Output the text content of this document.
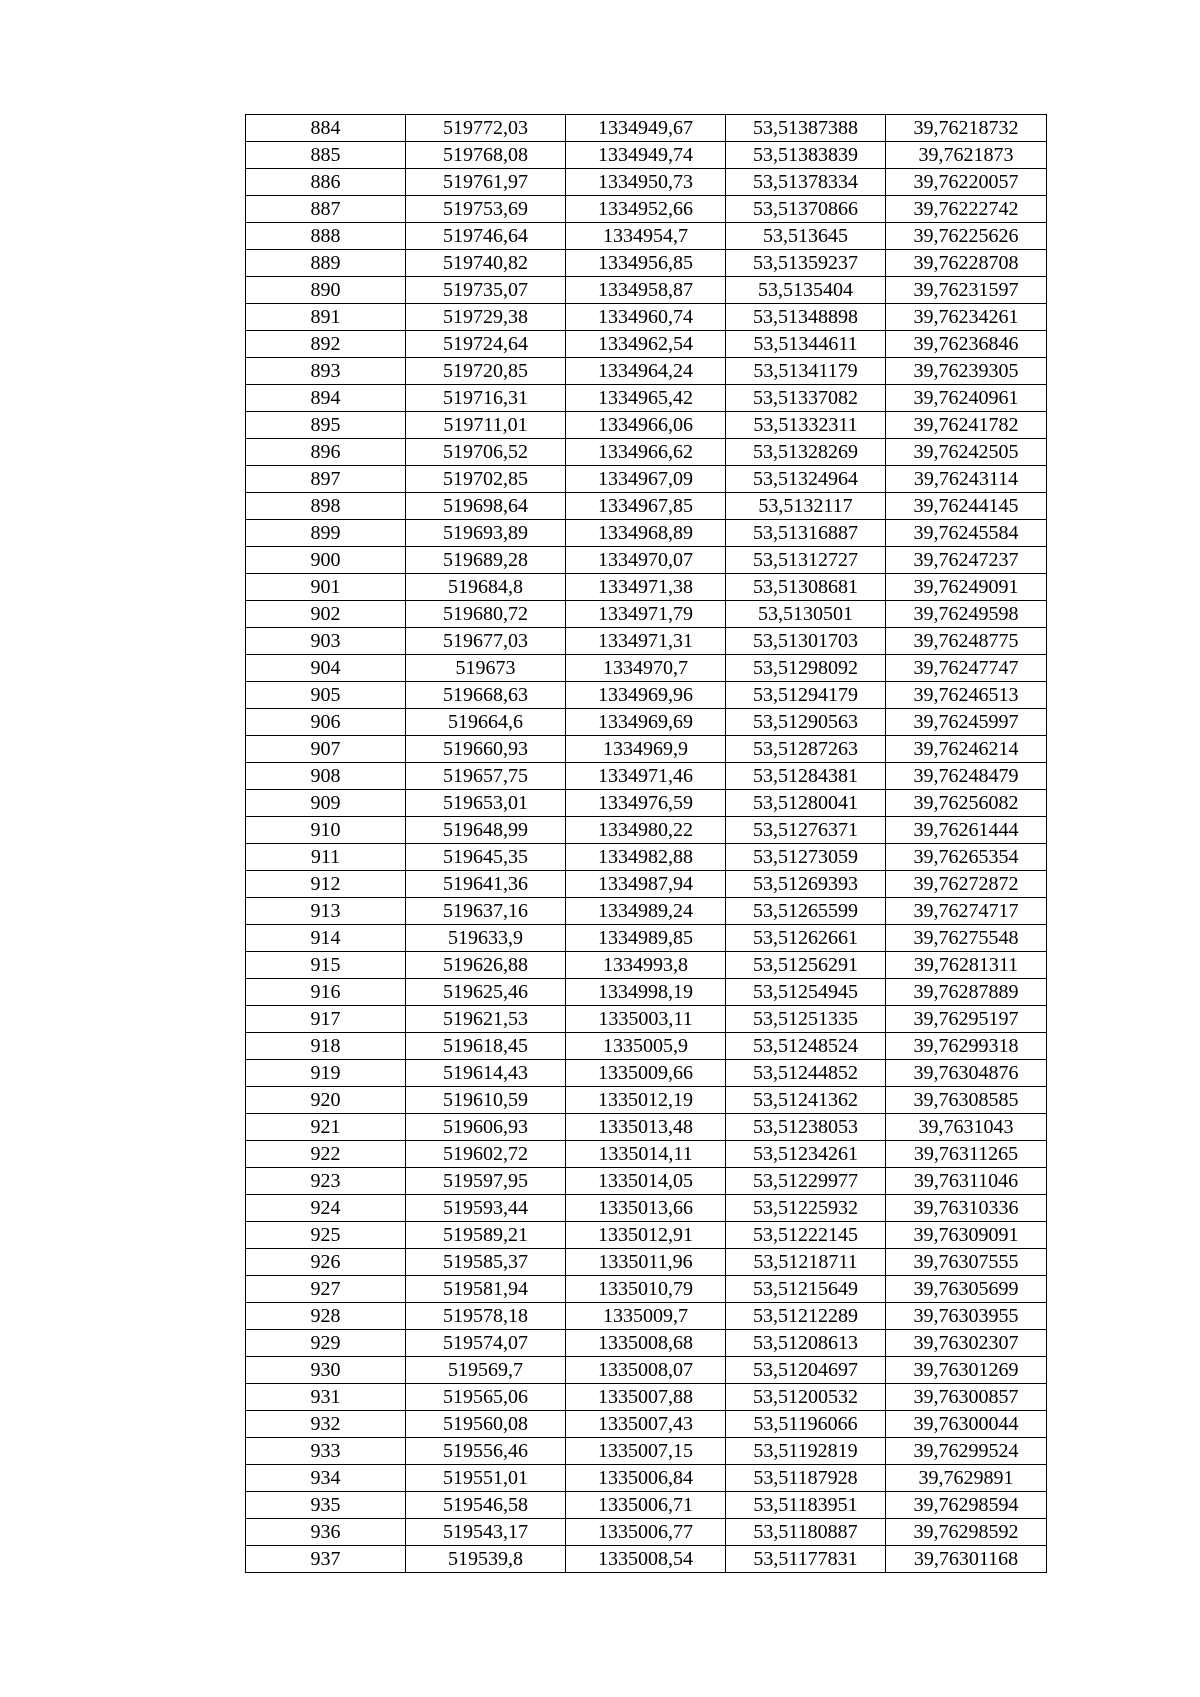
884	519772,03	1334949,67	53,51387388	39,76218732
885	519768,08	1334949,74	53,51383839	39,7621873
886	519761,97	1334950,73	53,51378334	39,76220057
887	519753,69	1334952,66	53,51370866	39,76222742
888	519746,64	1334954,7	53,513645	39,76225626
889	519740,82	1334956,85	53,51359237	39,76228708
890	519735,07	1334958,87	53,5135404	39,76231597
891	519729,38	1334960,74	53,51348898	39,76234261
892	519724,64	1334962,54	53,51344611	39,76236846
893	519720,85	1334964,24	53,51341179	39,76239305
894	519716,31	1334965,42	53,51337082	39,76240961
895	519711,01	1334966,06	53,51332311	39,76241782
896	519706,52	1334966,62	53,51328269	39,76242505
897	519702,85	1334967,09	53,51324964	39,76243114
898	519698,64	1334967,85	53,5132117	39,76244145
899	519693,89	1334968,89	53,51316887	39,76245584
900	519689,28	1334970,07	53,51312727	39,76247237
901	519684,8	1334971,38	53,51308681	39,76249091
902	519680,72	1334971,79	53,5130501	39,76249598
903	519677,03	1334971,31	53,51301703	39,76248775
904	519673	1334970,7	53,51298092	39,76247747
905	519668,63	1334969,96	53,51294179	39,76246513
906	519664,6	1334969,69	53,51290563	39,76245997
907	519660,93	1334969,9	53,51287263	39,76246214
908	519657,75	1334971,46	53,51284381	39,76248479
909	519653,01	1334976,59	53,51280041	39,76256082
910	519648,99	1334980,22	53,51276371	39,76261444
911	519645,35	1334982,88	53,51273059	39,76265354
912	519641,36	1334987,94	53,51269393	39,76272872
913	519637,16	1334989,24	53,51265599	39,76274717
914	519633,9	1334989,85	53,51262661	39,76275548
915	519626,88	1334993,8	53,51256291	39,76281311
916	519625,46	1334998,19	53,51254945	39,76287889
917	519621,53	1335003,11	53,51251335	39,76295197
918	519618,45	1335005,9	53,51248524	39,76299318
919	519614,43	1335009,66	53,51244852	39,76304876
920	519610,59	1335012,19	53,51241362	39,76308585
921	519606,93	1335013,48	53,51238053	39,7631043
922	519602,72	1335014,11	53,51234261	39,76311265
923	519597,95	1335014,05	53,51229977	39,76311046
924	519593,44	1335013,66	53,51225932	39,76310336
925	519589,21	1335012,91	53,51222145	39,76309091
926	519585,37	1335011,96	53,51218711	39,76307555
927	519581,94	1335010,79	53,51215649	39,76305699
928	519578,18	1335009,7	53,51212289	39,76303955
929	519574,07	1335008,68	53,51208613	39,76302307
930	519569,7	1335008,07	53,51204697	39,76301269
931	519565,06	1335007,88	53,51200532	39,76300857
932	519560,08	1335007,43	53,51196066	39,76300044
933	519556,46	1335007,15	53,51192819	39,76299524
934	519551,01	1335006,84	53,51187928	39,7629891
935	519546,58	1335006,71	53,51183951	39,76298594
936	519543,17	1335006,77	53,51180887	39,76298592
937	519539,8	1335008,54	53,51177831	39,76301168
